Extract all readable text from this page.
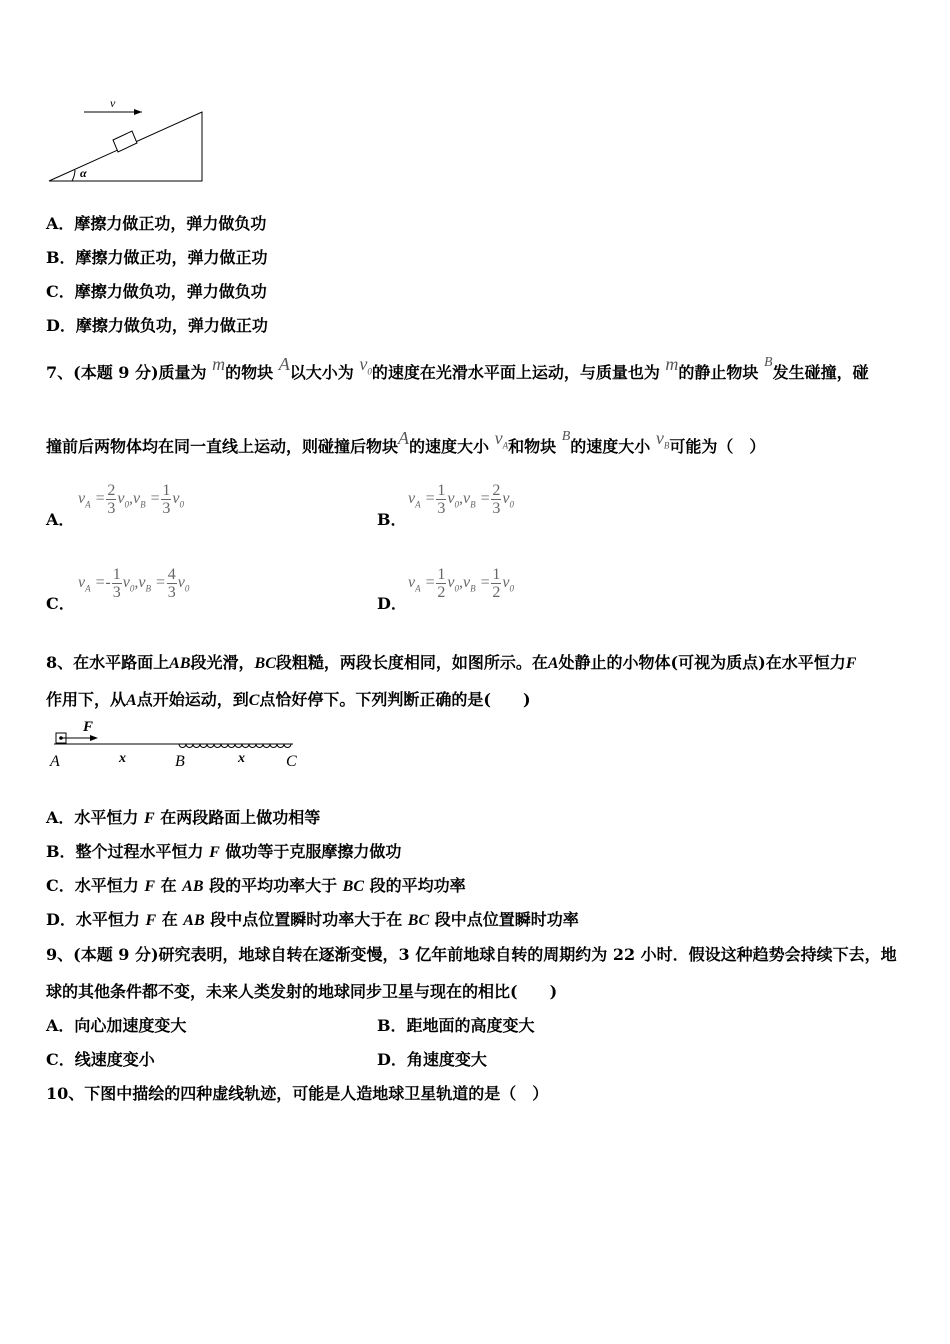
v
α
A．摩擦力做正功，弹力做负功
B．摩擦力做正功，弹力做正功
C．摩擦力做负功，弹力做负功
D．摩擦力做负功，弹力做正功
7、(本题 9 分)质量为 m的物块 A以大小为 $v_0$的速度在光滑水平面上运动，与质量也为 m的静止物块 B发生碰撞，碰
撞前后两物体均在同一直线上运动，则碰撞后物块A的速度大小 $v_A$和物块 B的速度大小 $v_B$可能为（　）
A．
$v_A = \frac{2}{3} v_0,v_B = \frac{1}{3} v_0$
B．
$v_A = \frac{1}{3} v_0,v_B = \frac{2}{3} v_0$
C．
$v_A =- \frac{1}{3} v_0,v_B = \frac{4}{3} v_0$
D．
$v_A = \frac{1}{2} v_0,v_B = \frac{1}{2} v_0$
8、在水平路面上AB段光滑，BC段粗糙，两段长度相同，如图所示。在A处静止的小物体(可视为质点)在水平恒力F
作用下，从A点开始运动，到C点恰好停下。下列判断正确的是(　　)
F
A	x	B	x	C
A．水平恒力 F 在两段路面上做功相等
B．整个过程水平恒力 F 做功等于克服摩擦力做功
C．水平恒力 F 在 AB 段的平均功率大于 BC 段的平均功率
D．水平恒力 F 在 AB 段中点位置瞬时功率大于在 BC 段中点位置瞬时功率
9、(本题 9 分)研究表明，地球自转在逐渐变慢，3 亿年前地球自转的周期约为 22 小时．假设这种趋势会持续下去，地
球的其他条件都不变，未来人类发射的地球同步卫星与现在的相比(　　)
A．向心加速度变大	B．距地面的高度变大
C．线速度变小	D．角速度变大
10、下图中描绘的四种虚线轨迹，可能是人造地球卫星轨道的是（　）
